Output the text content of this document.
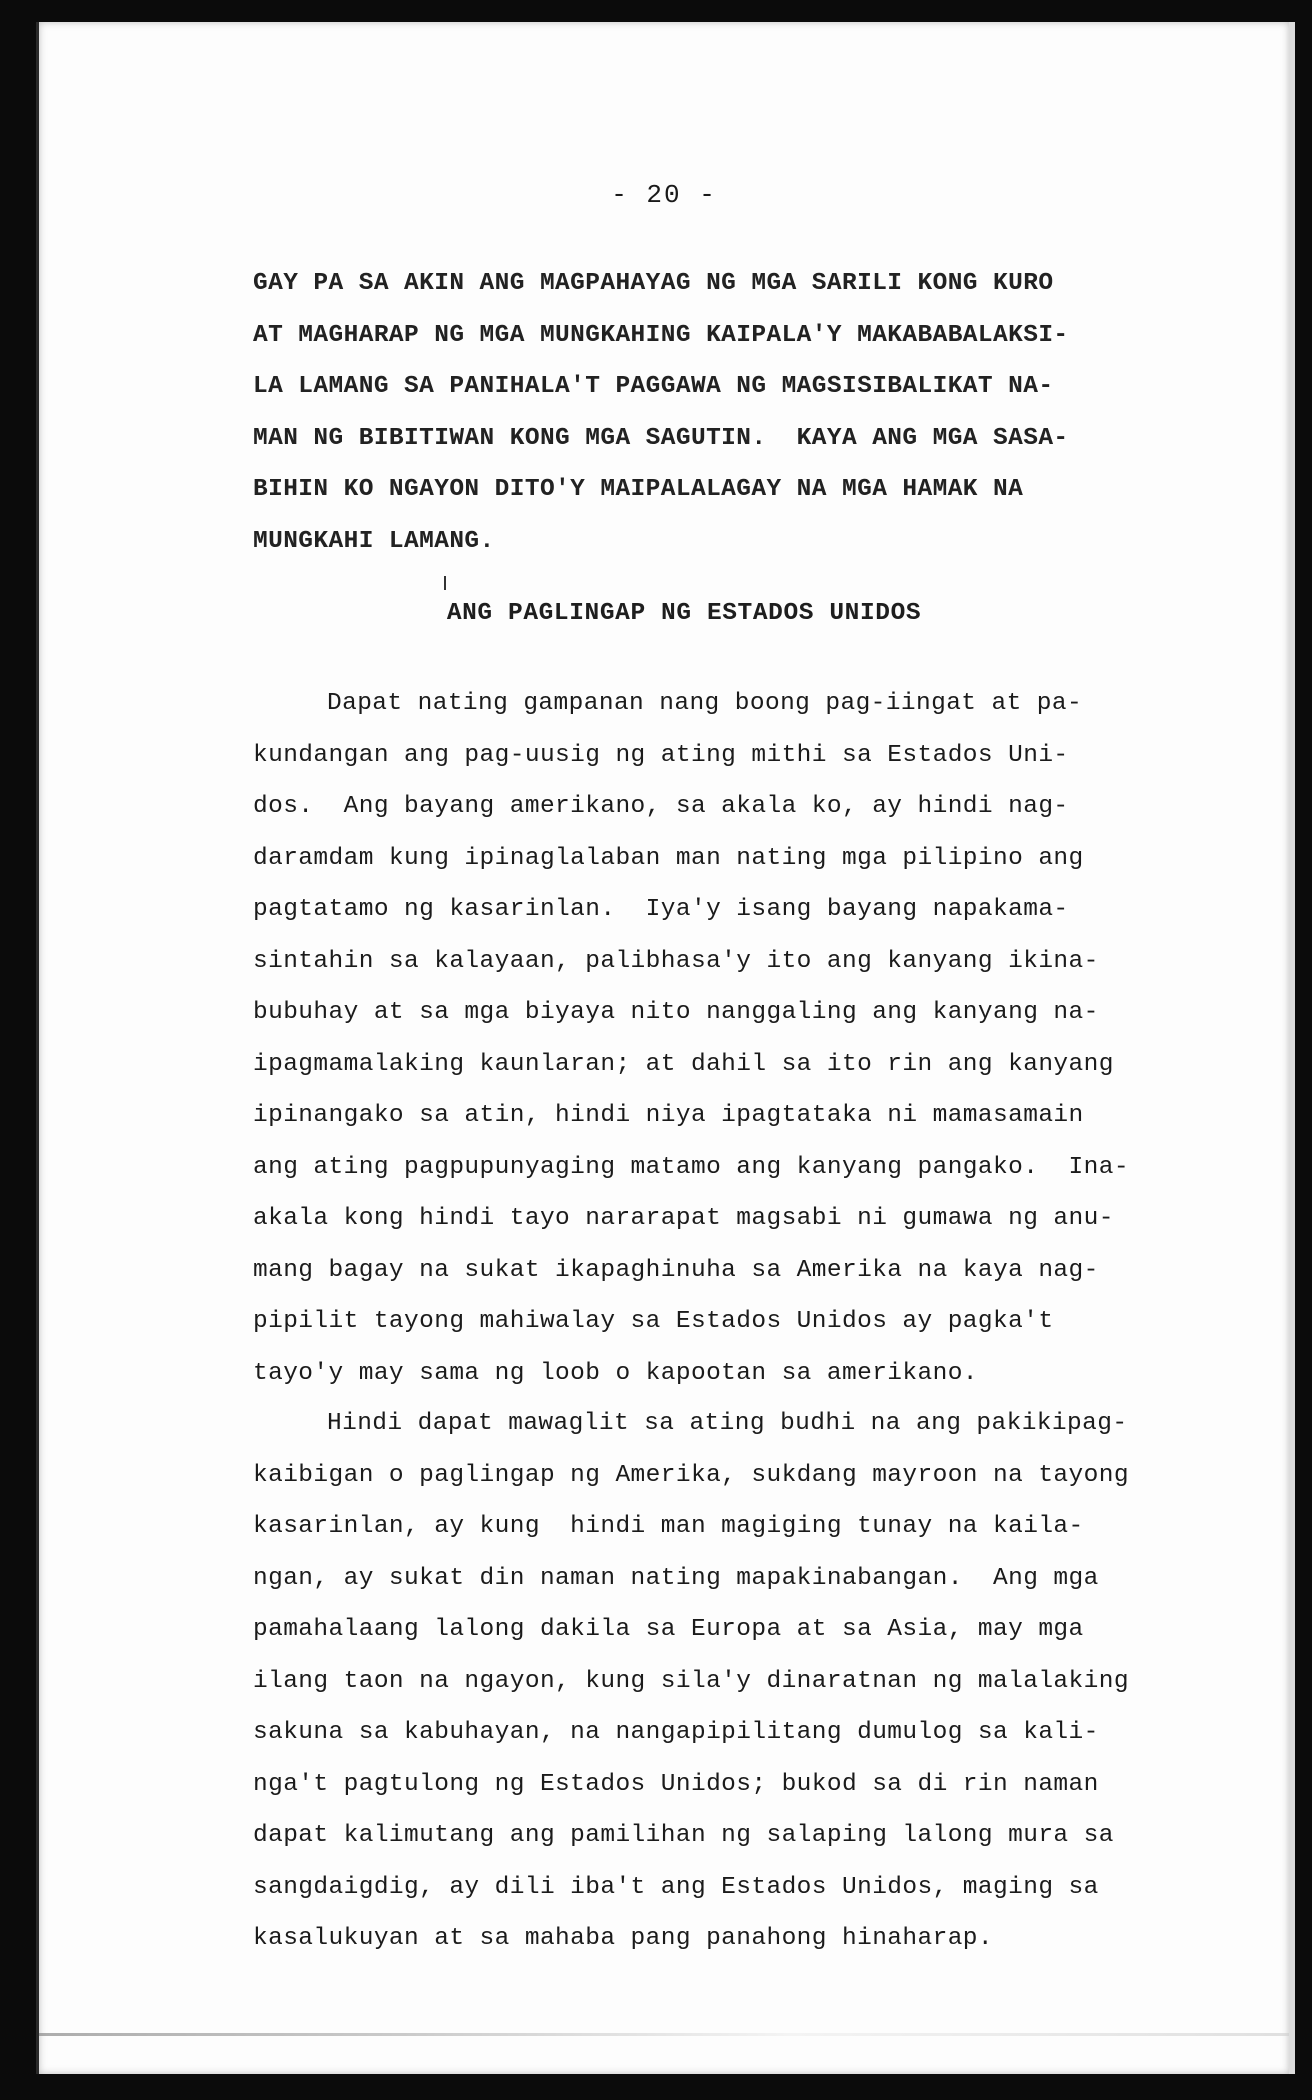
- 20 -
GAY PA SA AKIN ANG MAGPAHAYAG NG MGA SARILI KONG KURO
AT MAGHARAP NG MGA MUNGKAHING KAIPALA'Y MAKABABALAKSI-
LA LAMANG SA PANIHALA'T PAGGAWA NG MAGSISIBALIKAT NA-
MAN NG BIBITIWAN KONG MGA SAGUTIN.  KAYA ANG MGA SASA-
BIHIN KO NGAYON DITO'Y MAIPALALAGAY NA MGA HAMAK NA
MUNGKAHI LAMANG.
ANG PAGLINGAP NG ESTADOS UNIDOS
Dapat nating gampanan nang boong pag-iingat at pa-
kundangan ang pag-uusig ng ating mithi sa Estados Uni-
dos.  Ang bayang amerikano, sa akala ko, ay hindi nag-
daramdam kung ipinaglalaban man nating mga pilipino ang
pagtatamo ng kasarinlan.  Iya'y isang bayang napakama-
sintahin sa kalayaan, palibhasa'y ito ang kanyang ikina-
bubuhay at sa mga biyaya nito nanggaling ang kanyang na-
ipagmamalaking kaunlaran; at dahil sa ito rin ang kanyang
ipinangako sa atin, hindi niya ipagtataka ni mamasamain
ang ating pagpupunyaging matamo ang kanyang pangako.  Ina-
akala kong hindi tayo nararapat magsabi ni gumawa ng anu-
mang bagay na sukat ikapaghinuha sa Amerika na kaya nag-
pipilit tayong mahiwalay sa Estados Unidos ay pagka't
tayo'y may sama ng loob o kapootan sa amerikano.
Hindi dapat mawaglit sa ating budhi na ang pakikipag-
kaibigan o paglingap ng Amerika, sukdang mayroon na tayong
kasarinlan, ay kung  hindi man magiging tunay na kaila-
ngan, ay sukat din naman nating mapakinabangan.  Ang mga
pamahalaang lalong dakila sa Europa at sa Asia, may mga
ilang taon na ngayon, kung sila'y dinaratnan ng malalaking
sakuna sa kabuhayan, na nangapipilitang dumulog sa kali-
nga't pagtulong ng Estados Unidos; bukod sa di rin naman
dapat kalimutang ang pamilihan ng salaping lalong mura sa
sangdaigdig, ay dili iba't ang Estados Unidos, maging sa
kasalukuyan at sa mahaba pang panahong hinaharap.
